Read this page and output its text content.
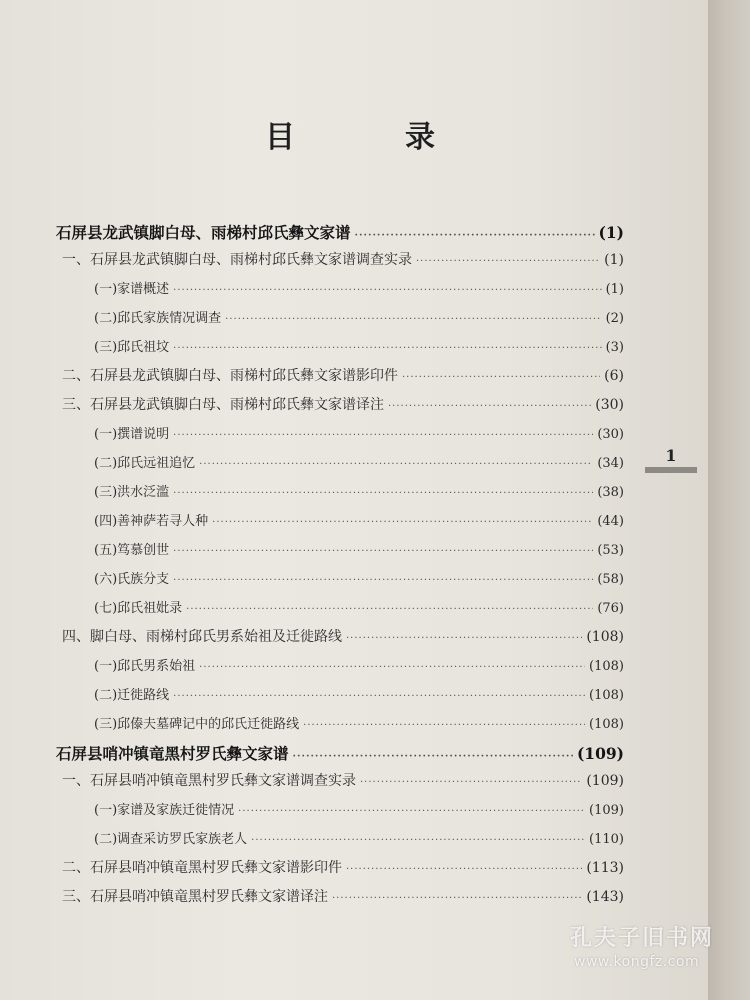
目　录
石屏县龙武镇脚白母、雨梯村邱氏彝文家谱 ·····	(1)
一、石屏县龙武镇脚白母、雨梯村邱氏彝文家谱调查实录 ·····	(1)
(一)家谱概述 ·····	(1)
(二)邱氏家族情况调查 ·····	(2)
(三)邱氏祖坟 ·····	(3)
二、石屏县龙武镇脚白母、雨梯村邱氏彝文家谱影印件 ·····	(6)
三、石屏县龙武镇脚白母、雨梯村邱氏彝文家谱译注 ·····	(30)
(一)撰谱说明 ·····	(30)
(二)邱氏远祖追忆 ·····	(34)
(三)洪水泛滥 ·····	(38)
(四)善神萨若寻人种 ·····	(44)
(五)笃慕创世 ·····	(53)
(六)氏族分支 ·····	(58)
(七)邱氏祖妣录 ·····	(76)
四、脚白母、雨梯村邱氏男系始祖及迁徙路线 ·····	(108)
(一)邱氏男系始祖 ·····	(108)
(二)迁徙路线 ·····	(108)
(三)邱傣夫墓碑记中的邱氏迁徙路线 ·····	(108)
石屏县哨冲镇竜黑村罗氏彝文家谱 ·····	(109)
一、石屏县哨冲镇竜黑村罗氏彝文家谱调查实录 ·····	(109)
(一)家谱及家族迁徙情况 ·····	(109)
(二)调查采访罗氏家族老人 ·····	(110)
二、石屏县哨冲镇竜黑村罗氏彝文家谱影印件 ·····	(113)
三、石屏县哨冲镇竜黑村罗氏彝文家谱译注 ·····	(143)
1
孔夫子旧书网
www.kongfz.com
